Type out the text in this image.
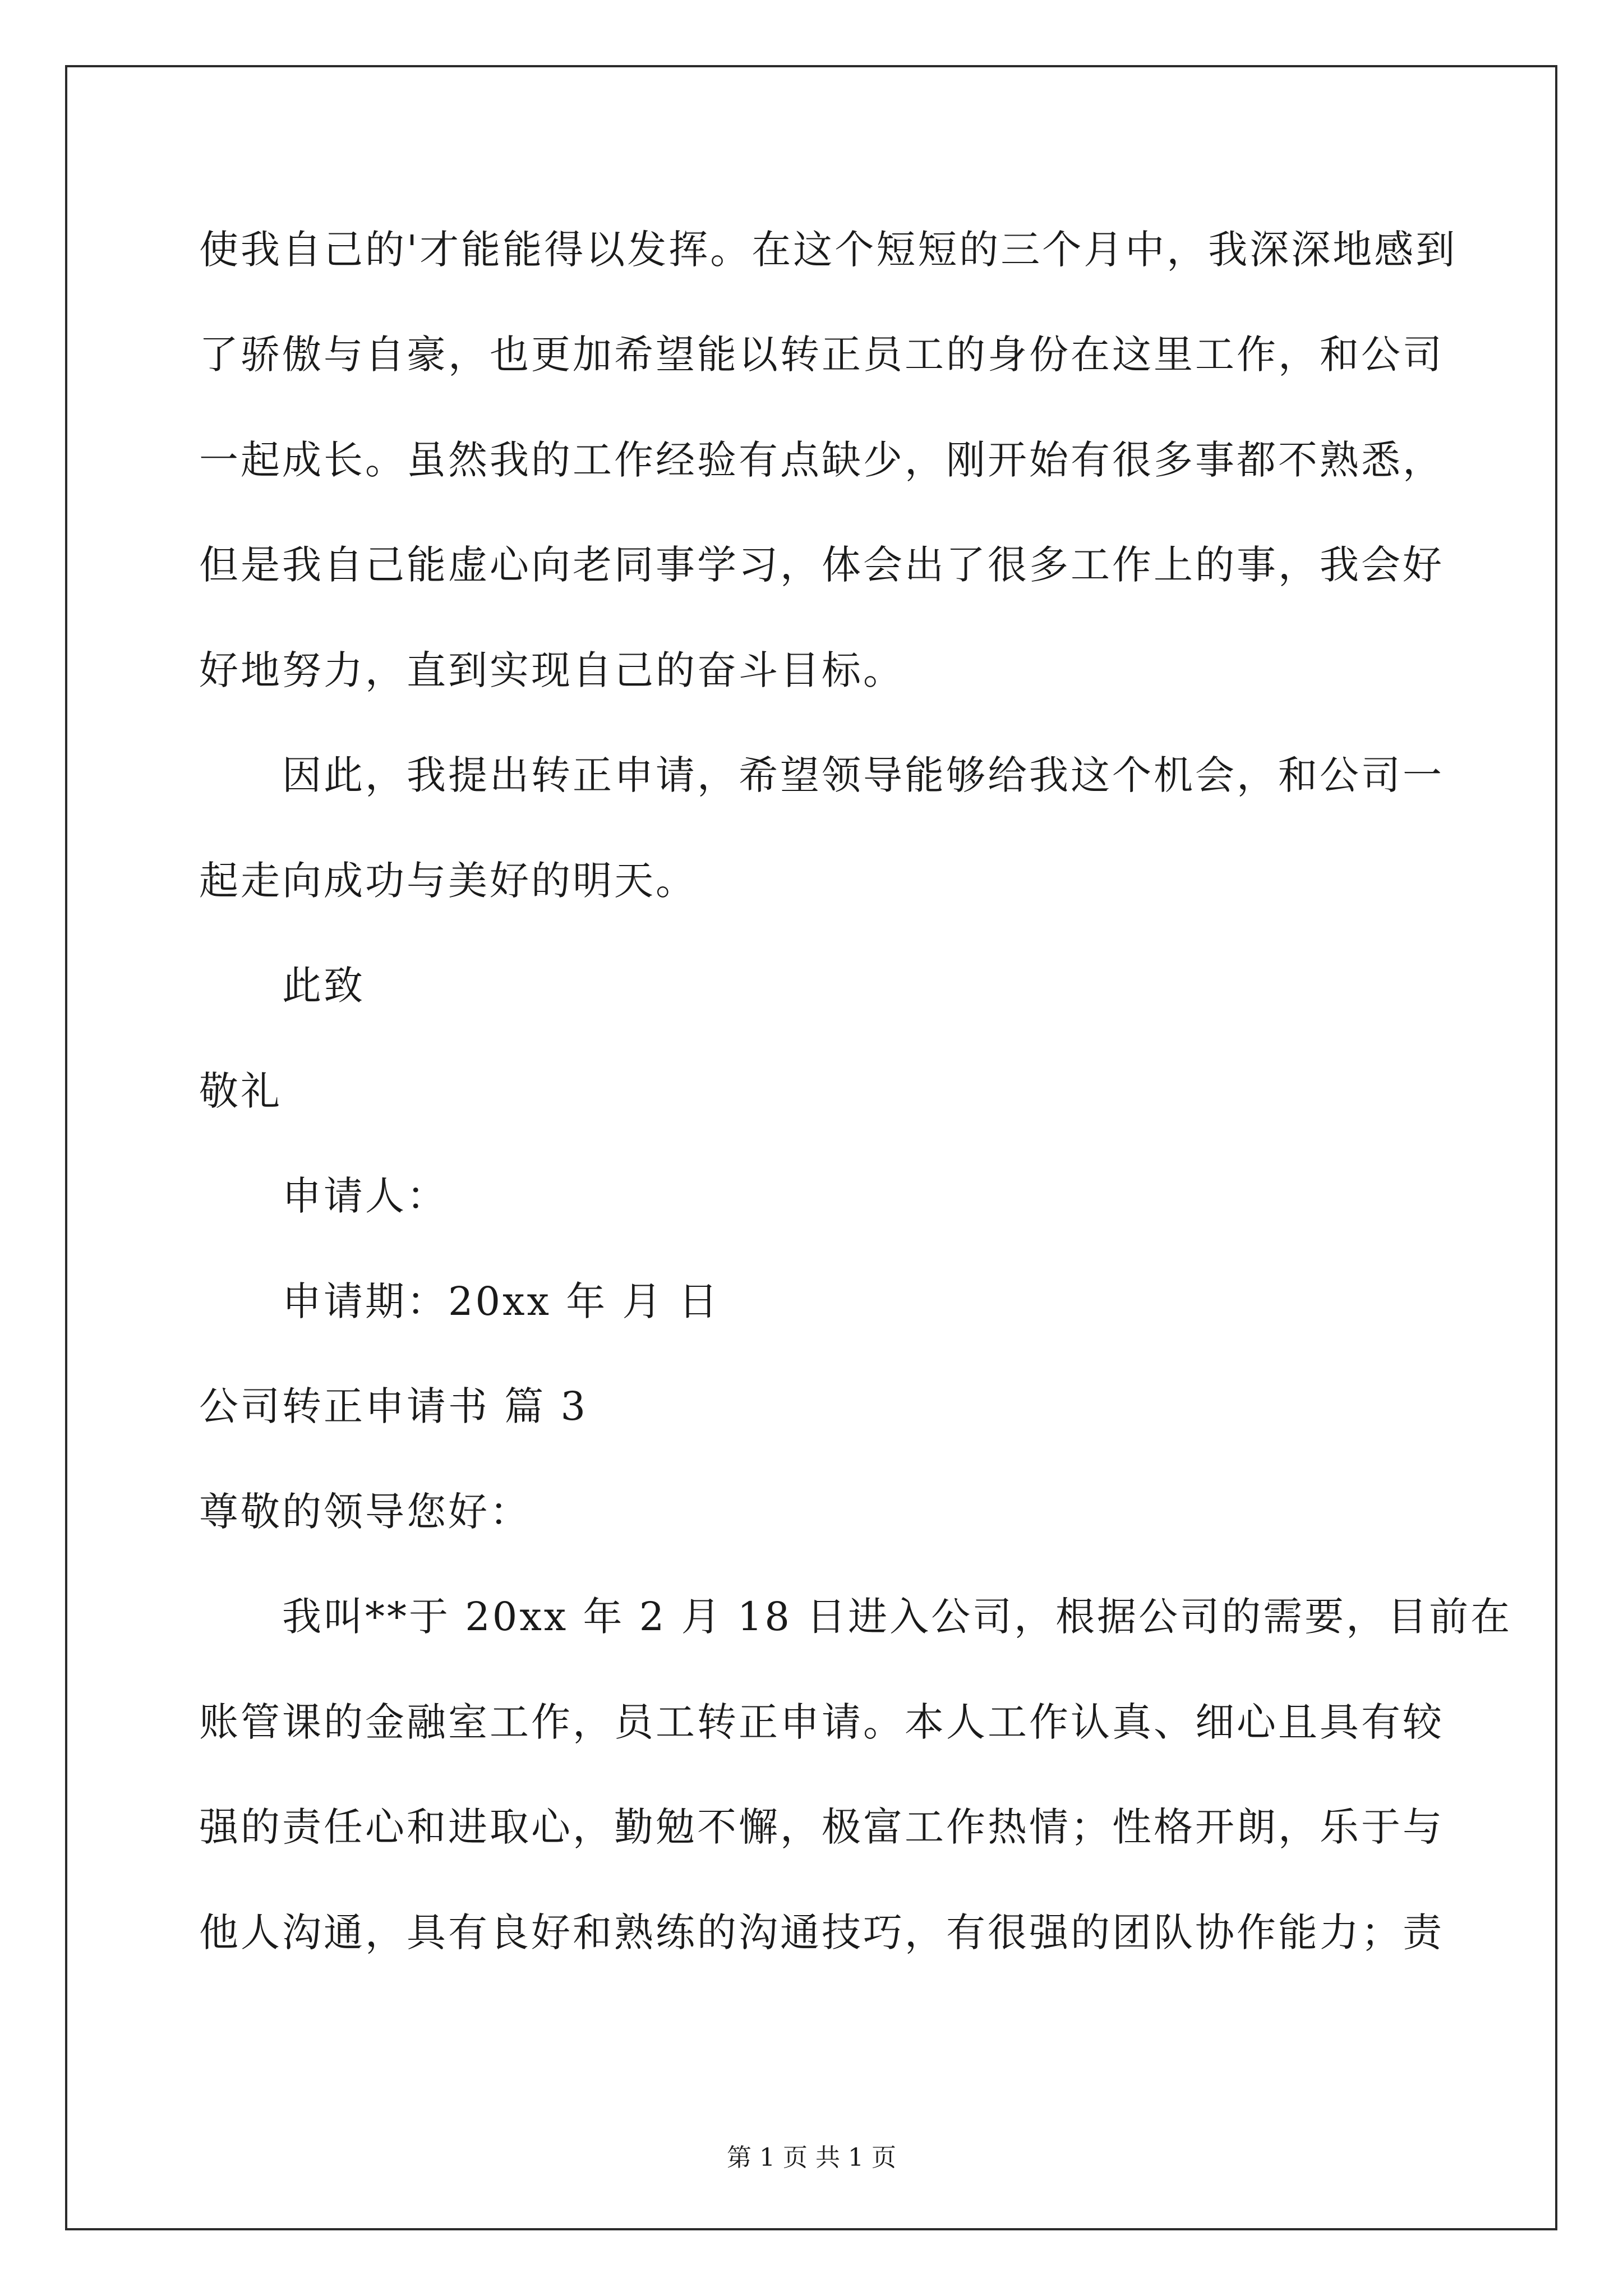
使我自己的'才能能得以发挥。在这个短短的三个月中，我深深地感到
了骄傲与自豪，也更加希望能以转正员工的身份在这里工作，和公司
一起成长。虽然我的工作经验有点缺少，刚开始有很多事都不熟悉，
但是我自己能虚心向老同事学习，体会出了很多工作上的事，我会好
好地努力，直到实现自己的奋斗目标。
因此，我提出转正申请，希望领导能够给我这个机会，和公司一
起走向成功与美好的明天。
此致
敬礼
申请人：
申请期：20xx 年 月 日
公司转正申请书 篇 3
尊敬的领导您好：
我叫**于 20xx 年 2 月 18 日进入公司，根据公司的需要，目前在
账管课的金融室工作，员工转正申请。本人工作认真、细心且具有较
强的责任心和进取心，勤勉不懈，极富工作热情；性格开朗，乐于与
他人沟通，具有良好和熟练的沟通技巧，有很强的团队协作能力；责
第 1 页 共 1 页
